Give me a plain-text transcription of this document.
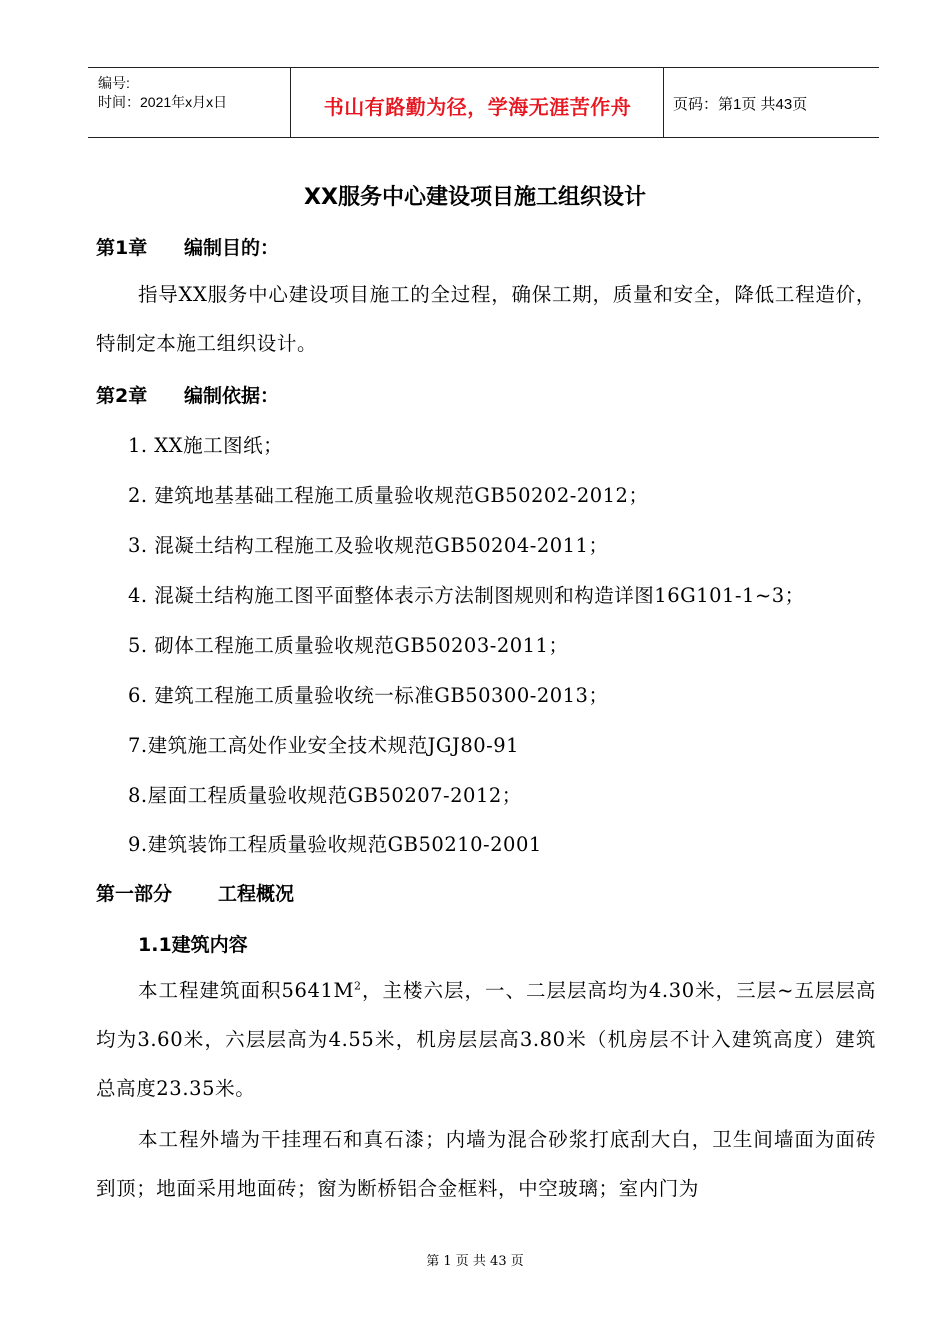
编号:
时间：2021年x月x日	书山有路勤为径，学海无涯苦作舟	页码：第1页 共43页
XX服务中心建设项目施工组织设计
第1章 编制目的：
指导XX服务中心建设项目施工的全过程，确保工期，质量和安全，降低工程造价，特制定本施工组织设计。
第2章 编制依据：
1. XX施工图纸；
2. 建筑地基基础工程施工质量验收规范GB50202-2012；
3. 混凝土结构工程施工及验收规范GB50204-2011；
4. 混凝土结构施工图平面整体表示方法制图规则和构造详图16G101-1~3；
5. 砌体工程施工质量验收规范GB50203-2011；
6. 建筑工程施工质量验收统一标准GB50300-2013；
7.建筑施工高处作业安全技术规范JGJ80-91
8.屋面工程质量验收规范GB50207-2012；
9.建筑装饰工程质量验收规范GB50210-2001
第一部分 工程概况
1.1建筑内容
本工程建筑面积$5641M^2$，主楼六层，一、二层层高均为4.30米，三层~五层层高均为3.60米，六层层高为4.55米，机房层层高3.80米（机房层不计入建筑高度）建筑总高度23.35米。
本工程外墙为干挂理石和真石漆；内墙为混合砂浆打底刮大白，卫生间墙面为面砖到顶；地面采用地面砖；窗为断桥铝合金框料，中空玻璃；室内门为
第 1 页 共 43 页
